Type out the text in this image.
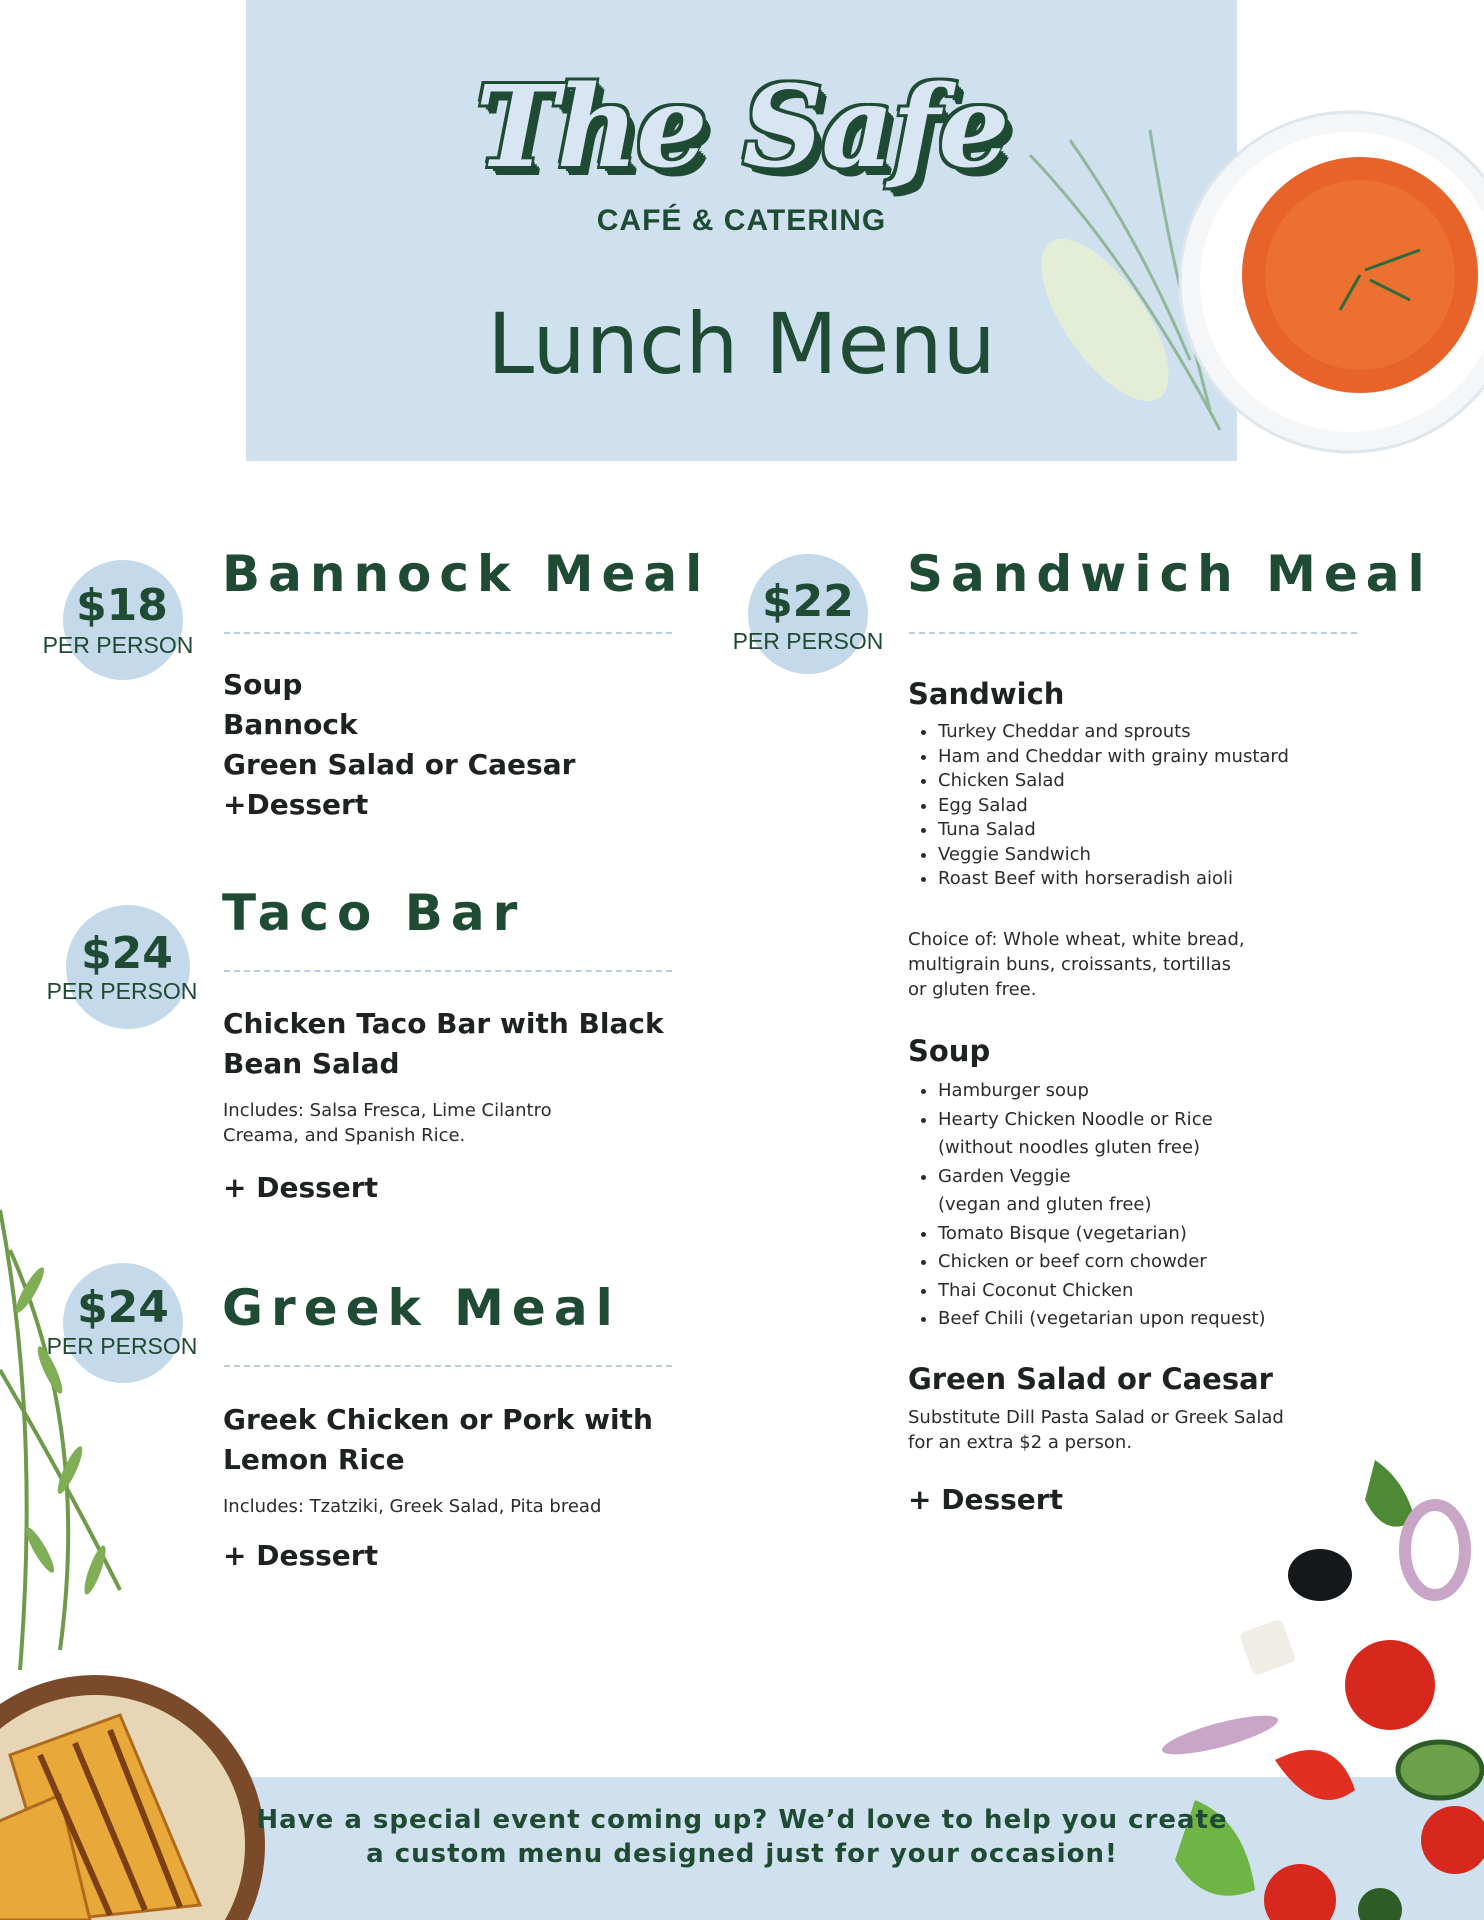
The Safe
CAFÉ & CATERING
Lunch Menu
$18
PER PERSON
Bannock Meal
Soup
Bannock
Green Salad or Caesar
+Dessert
$24
PER PERSON
Taco Bar
Chicken Taco Bar with Black
Bean Salad
Includes: Salsa Fresca, Lime Cilantro
Creama, and Spanish Rice.
+ Dessert
$24
PER PERSON
Greek Meal
Greek Chicken or Pork with
Lemon Rice
Includes: Tzatziki, Greek Salad, Pita bread
+ Dessert
$22
PER PERSON
Sandwich Meal
Sandwich
• Turkey Cheddar and sprouts
• Ham and Cheddar with grainy mustard
• Chicken Salad
• Egg Salad
• Tuna Salad
• Veggie Sandwich
• Roast Beef with horseradish aioli
Choice of: Whole wheat, white bread,
multigrain buns, croissants, tortillas
or gluten free.
Soup
• Hamburger soup
• Hearty Chicken Noodle or Rice
(without noodles gluten free)
• Garden Veggie
(vegan and gluten free)
• Tomato Bisque (vegetarian)
• Chicken or beef corn chowder
• Thai Coconut Chicken
• Beef Chili (vegetarian upon request)
Green Salad or Caesar
Substitute Dill Pasta Salad or Greek Salad
for an extra $2 a person.
+ Dessert
Have a special event coming up? We’d love to help you create
a custom menu designed just for your occasion!
